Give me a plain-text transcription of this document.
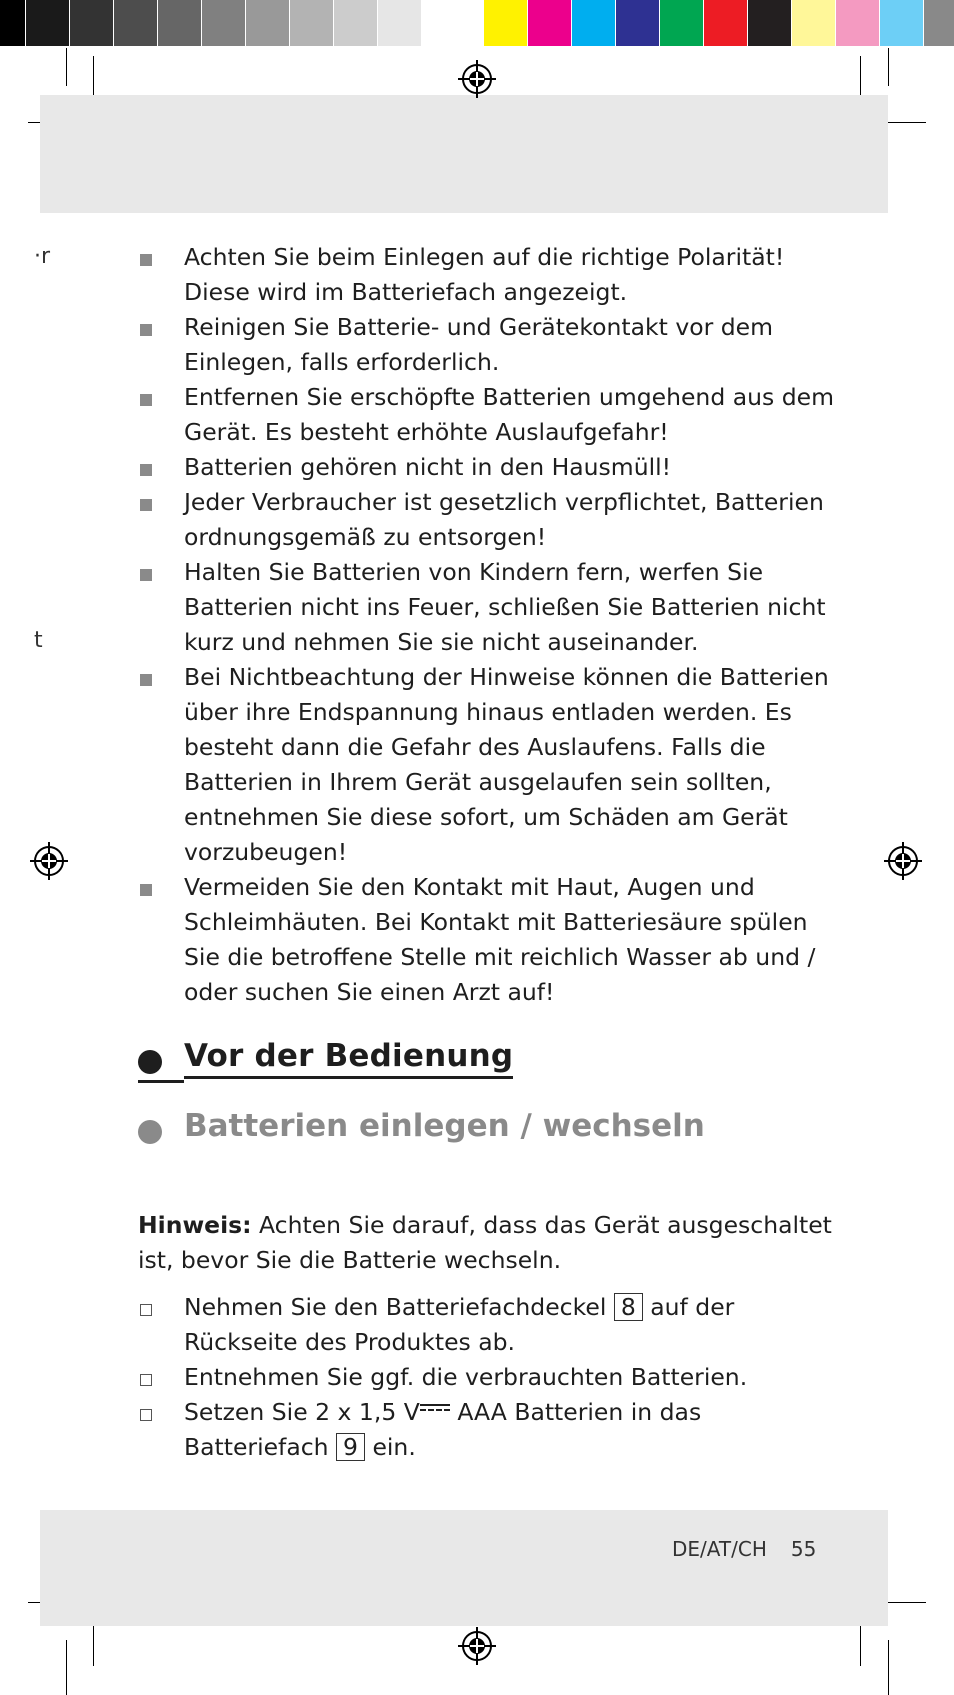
·r
t

Achten Sie beim Einlegen auf die richtige Polarität! Diese wird im Batteriefach angezeigt.

Reinigen Sie Batterie- und Gerätekontakt vor dem Einlegen, falls erforderlich.

Entfernen Sie erschöpfte Batterien umgehend aus dem Gerät. Es besteht erhöhte Auslaufgefahr!

Batterien gehören nicht in den Hausmüll!

Jeder Verbraucher ist gesetzlich verpflichtet, Batterien ordnungsgemäß zu entsorgen!

Halten Sie Batterien von Kindern fern, werfen Sie Batterien nicht ins Feuer, schließen Sie Batterien nicht kurz und nehmen Sie sie nicht auseinander.

Bei Nichtbeachtung der Hinweise können die Batterien über ihre Endspannung hinaus entladen werden. Es besteht dann die Gefahr des Auslaufens. Falls die Batterien in Ihrem Gerät ausgelaufen sein sollten, entnehmen Sie diese sofort, um Schäden am Gerät vorzubeugen!

Vermeiden Sie den Kontakt mit Haut, Augen und Schleimhäuten. Bei Kontakt mit Batteriesäure spülen Sie die betroffene Stelle mit reichlich Wasser ab und / oder suchen Sie einen Arzt auf!

Vor der Bedienung
Batterien einlegen / wechseln

Hinweis: Achten Sie darauf, dass das Gerät ausgeschaltet ist, bevor Sie die Batterie wechseln.

Nehmen Sie den Batteriefachdeckel 8 auf der Rückseite des Produktes ab.
Entnehmen Sie ggf. die verbrauchten Batterien.
Setzen Sie 2 x 1,5 V AAA Batterien in das Batteriefach 9 ein.
DE/AT/CH 55
